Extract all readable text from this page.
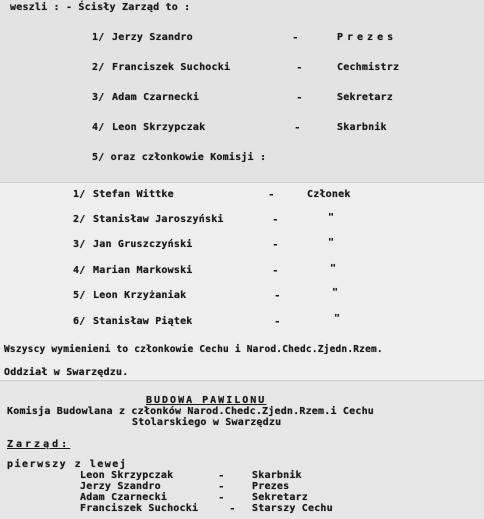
weszli : - Ścisły Zarząd to :
1/ Jerzy Szandro	-	Prezes
2/ Franciszek Suchocki	-	Cechmistrz
3/ Adam Czarnecki	-	Sekretarz
4/ Leon Skrzypczak	-	Skarbnik
5/ oraz członkowie Komisji :
1/ Stefan Wittke	-	Członek
2/ Stanisław Jaroszyński	-	"
3/ Jan Gruszczyński	-	"
4/ Marian Markowski	-	"
5/ Leon Krzyżaniak	-	"
6/ Stanisław Piątek	-	"
Wszyscy wymienieni to członkowie Cechu i Narod.Chedc.Zjedn.Rzem.
Oddział w Swarzędzu.
BUDOWA PAWILONU
Komisja Budowlana z członków Narod.Chedc.Zjedn.Rzem.i Cechu
Stolarskiego w Swarzędzu
Zarząd:
pierwszy z lewej
Leon Skrzypczak	-	Skarbnik
Jerzy Szandro	-	Prezes
Adam Czarnecki	-	Sekretarz
Franciszek Suchocki	- Starszy Cechu
